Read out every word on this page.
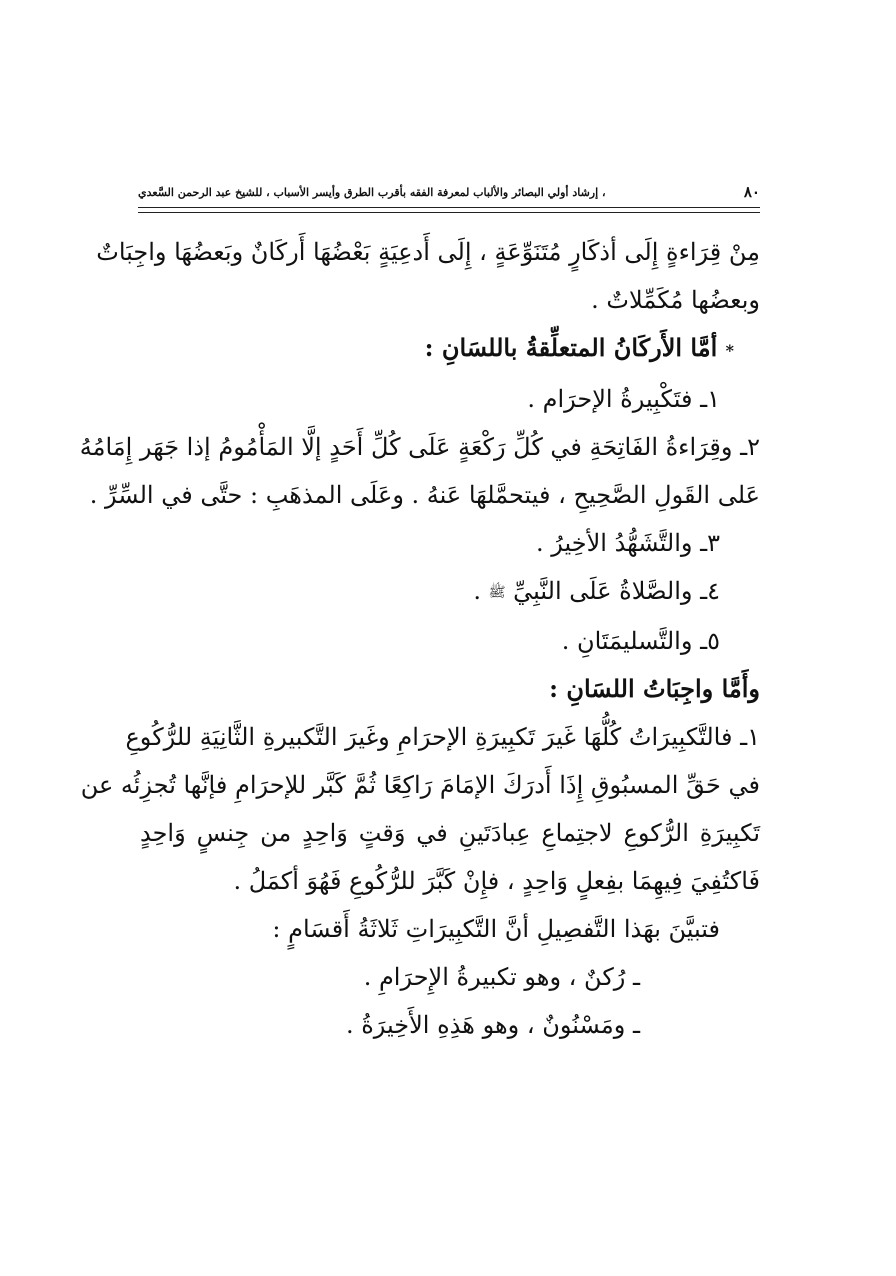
٨٠
، إرشاد أولي البصائر والألباب لمعرفة الفقه بأقرب الطرق وأيسر الأسباب ، للشيخ عبد الرحمن السَّعدي
مِنْ قِرَاءةٍ إِلَى أذكَارٍ مُتَنَوِّعَةٍ ، إِلَى أَدعِيَةٍ بَعْضُهَا أَركَانٌ وبَعضُهَا واجِبَاتٌ
وبعضُها مُكَمِّلاتٌ .
* أمَّا الأَركَانُ المتعلِّقةُ باللسَانِ :
١ـ فتَكْبِيرةُ الإحرَام .
٢ـ وقِرَاءةُ الفَاتِحَةِ في كُلِّ رَكْعَةٍ عَلَى كُلِّ أَحَدٍ إلَّا المَأْمُومُ إذا جَهَر إِمَامُهُ
عَلى القَولِ الصَّحِيحِ ، فيتحمَّلهَا عَنهُ . وعَلَى المذهَبِ : حتَّى في السِّرِّ .
٣ـ والتَّشَهُّدُ الأخِيرُ .
٤ـ والصَّلاةُ عَلَى النَّبِيِّ ﷺ .
٥ـ والتَّسليمَتَانِ .
وأَمَّا واجِبَاتُ اللسَانِ :
١ـ فالتَّكبِيرَاتُ كُلُّهَا غَيرَ تَكبِيرَةِ الإحرَامِ وغَيرَ التَّكبيرةِ الثَّانِيَةِ للرُّكُوعِ
في حَقِّ المسبُوقِ إِذَا أَدرَكَ الإمَامَ رَاكِعًا ثُمَّ كَبَّر للإحرَامِ فإنَّها تُجزِئُه عن
تَكبِيرَةِ الرُّكوعِ لاجتِماعِ عِبادَتَينِ في وَقتٍ وَاحِدٍ من جِنسٍ وَاحِدٍ
فَاكتُفِيَ فِيهِمَا بفِعلٍ وَاحِدٍ ، فإِنْ كَبَّرَ للرُّكُوعِ فَهُوَ أكمَلُ .
فتبيَّنَ بهَذا التَّفصِيلِ أنَّ التَّكبِيرَاتِ ثَلاثَةُ أَقسَامٍ :
ـ رُكنٌ ، وهو تكبيرةُ الإِحرَامِ .
ـ ومَسْنُونٌ ، وهو هَذِهِ الأَخِيرَةُ .
